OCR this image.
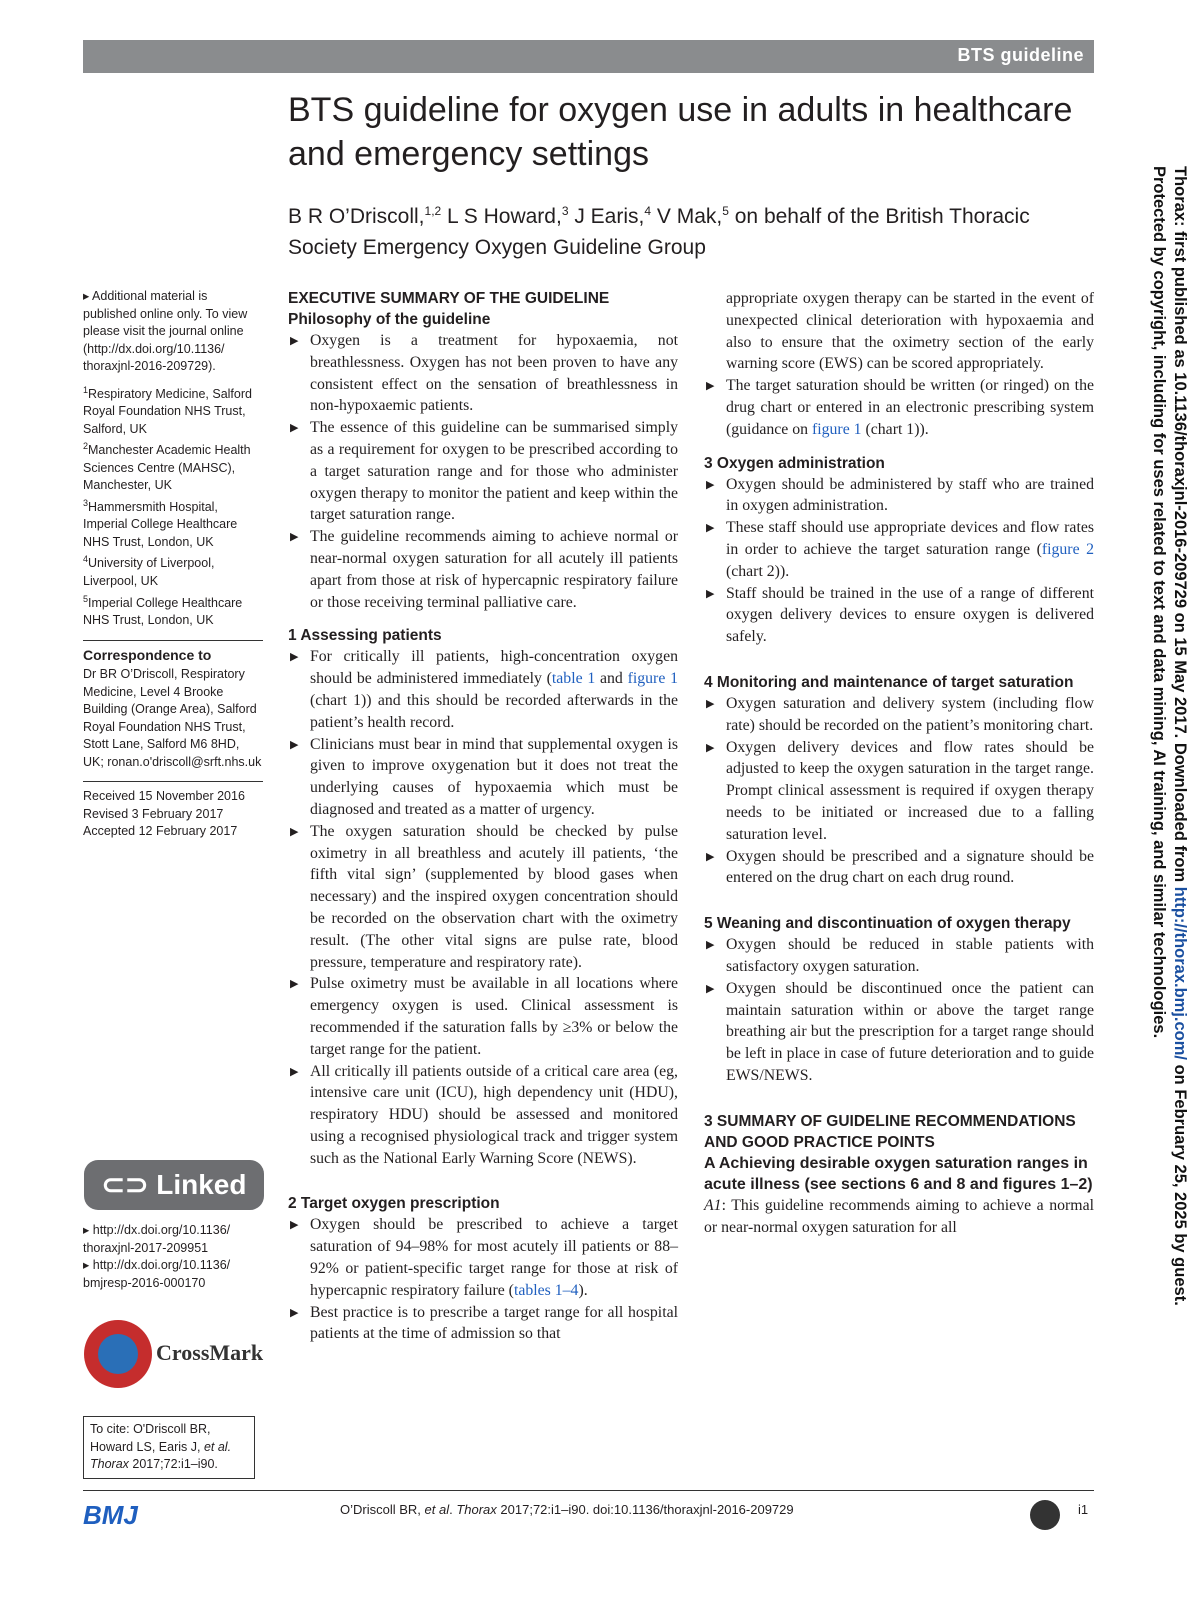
BTS guideline
BTS guideline for oxygen use in adults in healthcare and emergency settings
B R O’Driscoll,$^{1,2}$ L S Howard,$^3$ J Earis,$^4$ V Mak,$^5$ on behalf of the British Thoracic
Society Emergency Oxygen Guideline Group	Thorax: first published as 10.1136/thoraxjnl-2016-209729 on 15 May 2017. Downloaded from http://thorax.bmj.com/ on February 25, 2025 by guest.
Protected by copyright, including for uses related to text and data mining, AI training, and similar technologies.

▸ Additional material is published online only. To view please visit the journal online (http://dx.doi.org/10.1136/ thoraxjnl-2016-209729).

$^1$Respiratory Medicine, Salford Royal Foundation NHS Trust, Salford, UK

$^2$Manchester Academic Health Sciences Centre (MAHSC), Manchester, UK

$^3$Hammersmith Hospital, Imperial College Healthcare NHS Trust, London, UK

$^4$University of Liverpool, Liverpool, UK

$^5$Imperial College Healthcare NHS Trust, London, UK

Correspondence to

Dr BR O’Driscoll, Respiratory Medicine, Level 4 Brooke Building (Orange Area), Salford Royal Foundation NHS Trust, Stott Lane, Salford M6 8HD, UK; ronan.o'driscoll@srft.nhs.uk

Received 15 November 2016

Revised 3 February 2017

Accepted 12 February 2017

⊂⊃ Linked

▸ http://dx.doi.org/10.1136/ thoraxjnl-2017-209951

▸ http://dx.doi.org/10.1136/ bmjresp-2016-000170

CrossMark
To cite: O'Driscoll BR, Howard LS, Earis J, et al. Thorax 2017;72:i1–i90.
EXECUTIVE SUMMARY OF THE GUIDELINE
Philosophy of the guideline
▶ Oxygen is a treatment for hypoxaemia, not breathlessness. Oxygen has not been proven to have any consistent effect on the sensation of breathlessness in non-hypoxaemic patients.
▶ The essence of this guideline can be summarised simply as a requirement for oxygen to be prescribed according to a target saturation range and for those who administer oxygen therapy to monitor the patient and keep within the target saturation range.
▶ The guideline recommends aiming to achieve normal or near-normal oxygen saturation for all acutely ill patients apart from those at risk of hypercapnic respiratory failure or those receiving terminal palliative care.
1 Assessing patients
▶ For critically ill patients, high-concentration oxygen should be administered immediately (table 1 and figure 1 (chart 1)) and this should be recorded afterwards in the patient’s health record.
▶ Clinicians must bear in mind that supplemental oxygen is given to improve oxygenation but it does not treat the underlying causes of hypoxaemia which must be diagnosed and treated as a matter of urgency.
▶ The oxygen saturation should be checked by pulse oximetry in all breathless and acutely ill patients, ‘the fifth vital sign’ (supplemented by blood gases when necessary) and the inspired oxygen concentration should be recorded on the observation chart with the oximetry result. (The other vital signs are pulse rate, blood pressure, temperature and respiratory rate).
▶ Pulse oximetry must be available in all locations where emergency oxygen is used. Clinical assessment is recommended if the saturation falls by ≥3% or below the target range for the patient.
▶ All critically ill patients outside of a critical care area (eg, intensive care unit (ICU), high dependency unit (HDU), respiratory HDU) should be assessed and monitored using a recognised physiological track and trigger system such as the National Early Warning Score (NEWS).
2 Target oxygen prescription
▶ Oxygen should be prescribed to achieve a target saturation of 94–98% for most acutely ill patients or 88–92% or patient-specific target range for those at risk of hypercapnic respiratory failure (tables 1–4).
▶ Best practice is to prescribe a target range for all hospital patients at the time of admission so that

appropriate oxygen therapy can be started in the event of unexpected clinical deterioration with hypoxaemia and also to ensure that the oximetry section of the early warning score (EWS) can be scored appropriately.

▶ The target saturation should be written (or ringed) on the drug chart or entered in an electronic prescribing system (guidance on figure 1 (chart 1)).
3 Oxygen administration
▶ Oxygen should be administered by staff who are trained in oxygen administration.
▶ These staff should use appropriate devices and flow rates in order to achieve the target saturation range (figure 2 (chart 2)).
▶ Staff should be trained in the use of a range of different oxygen delivery devices to ensure oxygen is delivered safely.
4 Monitoring and maintenance of target saturation
▶ Oxygen saturation and delivery system (including flow rate) should be recorded on the patient’s monitoring chart.
▶ Oxygen delivery devices and flow rates should be adjusted to keep the oxygen saturation in the target range. Prompt clinical assessment is required if oxygen therapy needs to be initiated or increased due to a falling saturation level.
▶ Oxygen should be prescribed and a signature should be entered on the drug chart on each drug round.
5 Weaning and discontinuation of oxygen therapy
▶ Oxygen should be reduced in stable patients with satisfactory oxygen saturation.
▶ Oxygen should be discontinued once the patient can maintain saturation within or above the target range breathing air but the prescription for a target range should be left in place in case of future deterioration and to guide EWS/NEWS.
3 SUMMARY OF GUIDELINE RECOMMENDATIONS AND GOOD PRACTICE POINTS
A Achieving desirable oxygen saturation ranges in acute illness (see sections 6 and 8 and figures 1–2)

A1: This guideline recommends aiming to achieve a normal or near-normal oxygen saturation for all

BMJ	O’Driscoll BR, et al. Thorax 2017;72:i1–i90. doi:10.1136/thoraxjnl-2016-209729	i1
